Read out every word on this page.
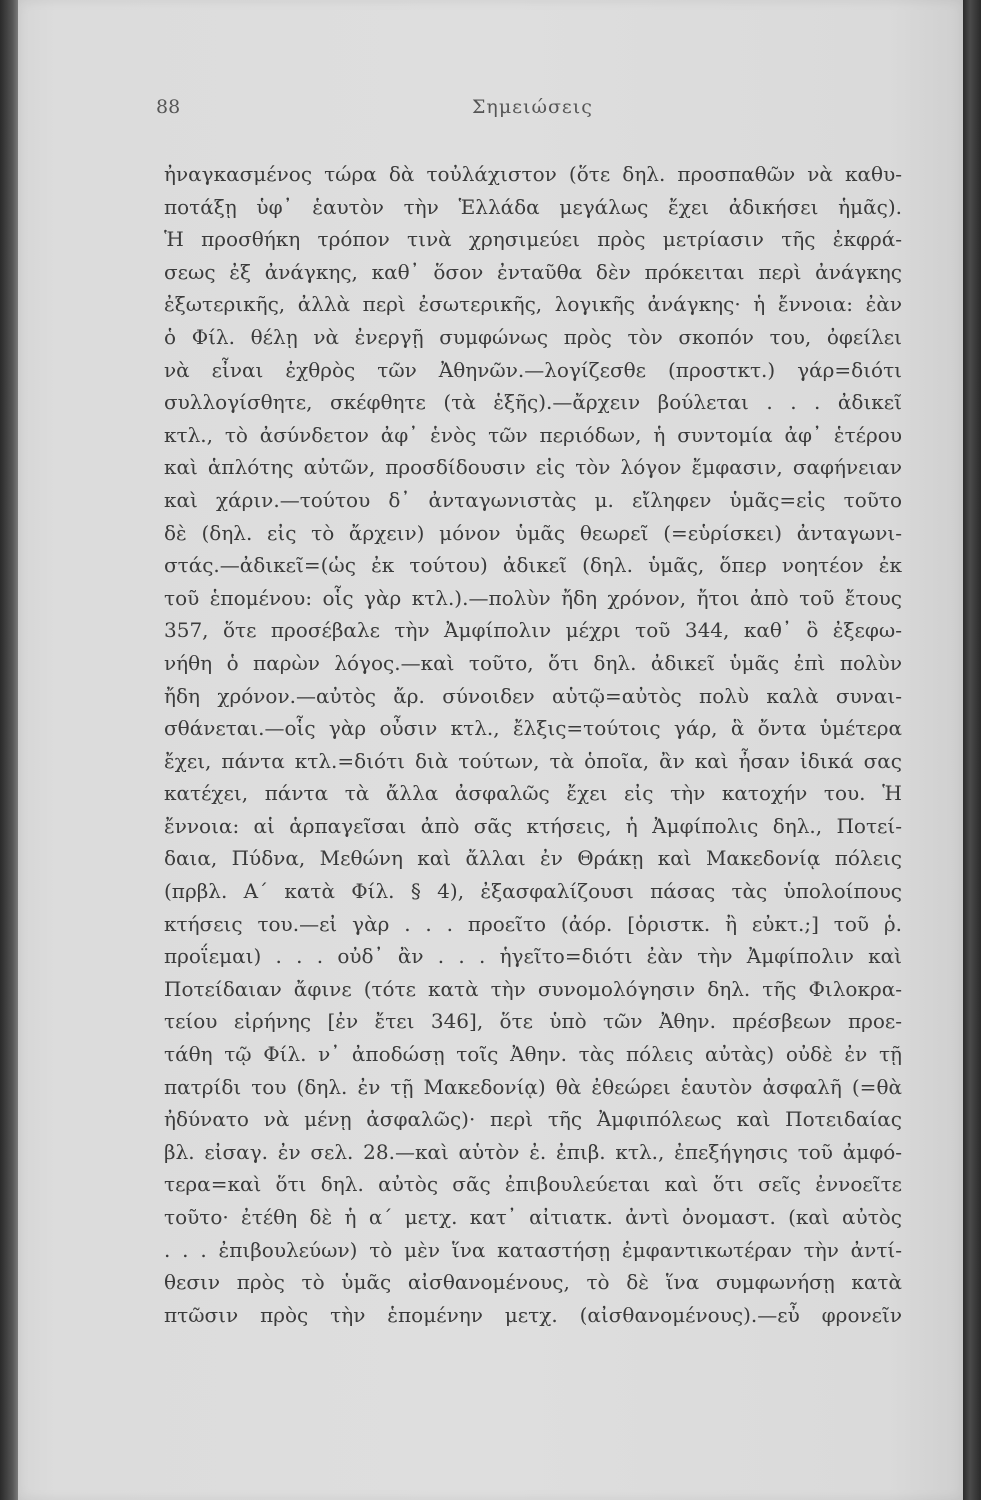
88	Σημειώσεις
ἠναγκασμένος τώρα δὰ τοὐλάχιστον (ὅτε δηλ. προσπαθῶν νὰ καθυ-
ποτάξῃ ὑφ᾽ ἑαυτὸν τὴν Ἑλλάδα μεγάλως ἔχει ἀδικήσει ἡμᾶς).
Ἡ προσθήκη τρόπον τινὰ χρησιμεύει πρὸς μετρίασιν τῆς ἐκφρά-
σεως ἐξ ἀνάγκης, καθ᾽ ὅσον ἐνταῦθα δὲν πρόκειται περὶ ἀνάγκης
ἐξωτερικῆς, ἀλλὰ περὶ ἐσωτερικῆς, λογικῆς ἀνάγκης· ἡ ἔννοια: ἐὰν
ὁ Φίλ. θέλῃ νὰ ἐνεργῇ συμφώνως πρὸς τὸν σκοπόν του, ὀφείλει
νὰ εἶναι ἐχθρὸς τῶν Ἀθηνῶν.—λογίζεσθε (προστκτ.) γάρ=διότι
συλλογίσθητε, σκέφθητε (τὰ ἑξῆς).—ἄρχειν βούλεται . . . ἀδικεῖ
κτλ., τὸ ἀσύνδετον ἀφ᾽ ἑνὸς τῶν περιόδων, ἡ συντομία ἀφ᾽ ἑτέρου
καὶ ἁπλότης αὐτῶν, προσδίδουσιν εἰς τὸν λόγον ἔμφασιν, σαφήνειαν
καὶ χάριν.—τούτου δ᾽ ἀνταγωνιστὰς μ. εἴληφεν ὑμᾶς=εἰς τοῦτο
δὲ (δηλ. εἰς τὸ ἄρχειν) μόνον ὑμᾶς θεωρεῖ (=εὑρίσκει) ἀνταγωνι-
στάς.—ἀδικεῖ=(ὡς ἐκ τούτου) ἀδικεῖ (δηλ. ὑμᾶς, ὅπερ νοητέον ἐκ
τοῦ ἑπομένου: οἷς γὰρ κτλ.).—πολὺν ἤδη χρόνον, ἤτοι ἀπὸ τοῦ ἔτους
357, ὅτε προσέβαλε τὴν Ἀμφίπολιν μέχρι τοῦ 344, καθ᾽ ὃ ἐξεφω-
νήθη ὁ παρὼν λόγος.—καὶ τοῦτο, ὅτι δηλ. ἀδικεῖ ὑμᾶς ἐπὶ πολὺν
ἤδη χρόνον.—αὐτὸς ἄρ. σύνοιδεν αὑτῷ=αὐτὸς πολὺ καλὰ συναι-
σθάνεται.—οἷς γὰρ οὖσιν κτλ., ἔλξις=τούτοις γάρ, ἃ ὄντα ὑμέτερα
ἔχει, πάντα κτλ.=διότι διὰ τούτων, τὰ ὁποῖα, ἂν καὶ ἦσαν ἰδικά σας
κατέχει, πάντα τὰ ἄλλα ἀσφαλῶς ἔχει εἰς τὴν κατοχήν του. Ἡ
ἔννοια: αἱ ἁρπαγεῖσαι ἀπὸ σᾶς κτήσεις, ἡ Ἀμφίπολις δηλ., Ποτεί-
δαια, Πύδνα, Μεθώνη καὶ ἄλλαι ἐν Θράκῃ καὶ Μακεδονίᾳ πόλεις
(πρβλ. Α΄ κατὰ Φίλ. § 4), ἐξασφαλίζουσι πάσας τὰς ὑπολοίπους
κτήσεις του.—εἰ γὰρ . . . προεῖτο (ἀόρ. [ὁριστκ. ἢ εὐκτ.;] τοῦ ῥ.
προΐεμαι) . . . οὐδ᾽ ἂν . . . ἡγεῖτο=διότι ἐὰν τὴν Ἀμφίπολιν καὶ
Ποτείδαιαν ἄφινε (τότε κατὰ τὴν συνομολόγησιν δηλ. τῆς Φιλοκρα-
τείου εἰρήνης [ἐν ἔτει 346], ὅτε ὑπὸ τῶν Ἀθην. πρέσβεων προε-
τάθη τῷ Φίλ. ν᾽ ἀποδώσῃ τοῖς Ἀθην. τὰς πόλεις αὐτὰς) οὐδὲ ἐν τῇ
πατρίδι του (δηλ. ἐν τῇ Μακεδονίᾳ) θὰ ἐθεώρει ἑαυτὸν ἀσφαλῆ (=θὰ
ἠδύνατο νὰ μένῃ ἀσφαλῶς)· περὶ τῆς Ἀμφιπόλεως καὶ Ποτειδαίας
βλ. εἰσαγ. ἐν σελ. 28.—καὶ αὑτὸν ἐ. ἐπιβ. κτλ., ἐπεξήγησις τοῦ ἀμφό-
τερα=καὶ ὅτι δηλ. αὐτὸς σᾶς ἐπιβουλεύεται καὶ ὅτι σεῖς ἐννοεῖτε
τοῦτο· ἐτέθη δὲ ἡ α΄ μετχ. κατ᾽ αἰτιατκ. ἀντὶ ὀνομαστ. (καὶ αὐτὸς
. . . ἐπιβουλεύων) τὸ μὲν ἵνα καταστήσῃ ἐμφαντικωτέραν τὴν ἀντί-
θεσιν πρὸς τὸ ὑμᾶς αἰσθανομένους, τὸ δὲ ἵνα συμφωνήσῃ κατὰ
πτῶσιν πρὸς τὴν ἑπομένην μετχ. (αἰσθανομένους).—εὖ φρονεῖν
